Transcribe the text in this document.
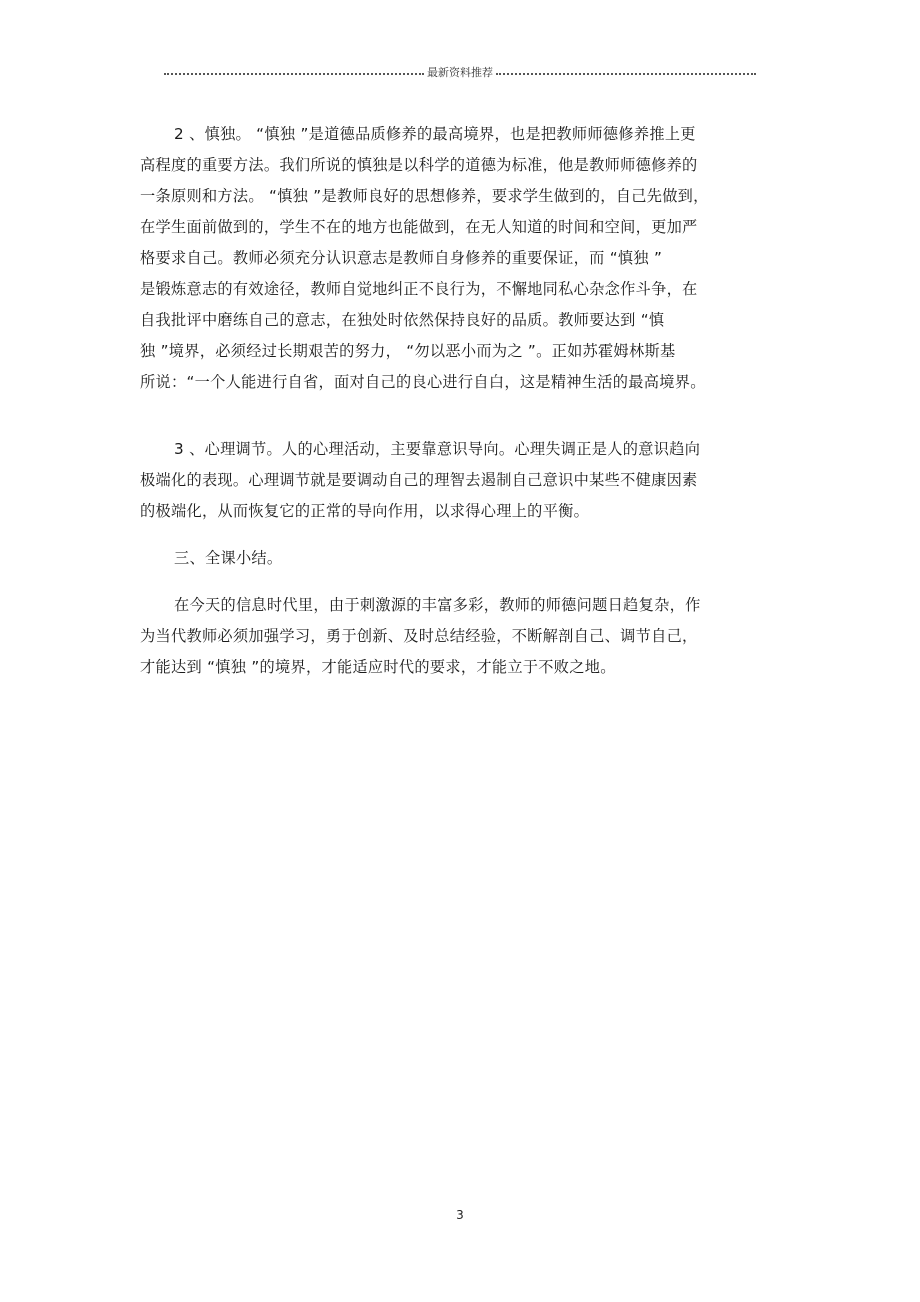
最新资料推荐
2 、慎独。 “慎独 ”是道德品质修养的最高境界，也是把教师师德修养推上更
高程度的重要方法。我们所说的慎独是以科学的道德为标准，他是教师师德修养的
一条原则和方法。 “慎独 ”是教师良好的思想修养，要求学生做到的，自己先做到，
在学生面前做到的，学生不在的地方也能做到，在无人知道的时间和空间，更加严
格要求自己。教师必须充分认识意志是教师自身修养的重要保证，而 “慎独 ”
是锻炼意志的有效途径，教师自觉地纠正不良行为，不懈地同私心杂念作斗争，在
自我批评中磨练自己的意志，在独处时依然保持良好的品质。教师要达到 “慎
独 ”境界，必须经过长期艰苦的努力， “勿以恶小而为之 ”。正如苏霍姆林斯基
所说：“一个人能进行自省，面对自己的良心进行自白，这是精神生活的最高境界。
3 、心理调节。人的心理活动，主要靠意识导向。心理失调正是人的意识趋向
极端化的表现。心理调节就是要调动自己的理智去遏制自己意识中某些不健康因素
的极端化，从而恢复它的正常的导向作用，以求得心理上的平衡。
三、全课小结。
在今天的信息时代里，由于刺激源的丰富多彩，教师的师德问题日趋复杂，作
为当代教师必须加强学习，勇于创新、及时总结经验，不断解剖自己、调节自己，
才能达到 “慎独 ”的境界，才能适应时代的要求，才能立于不败之地。
3
